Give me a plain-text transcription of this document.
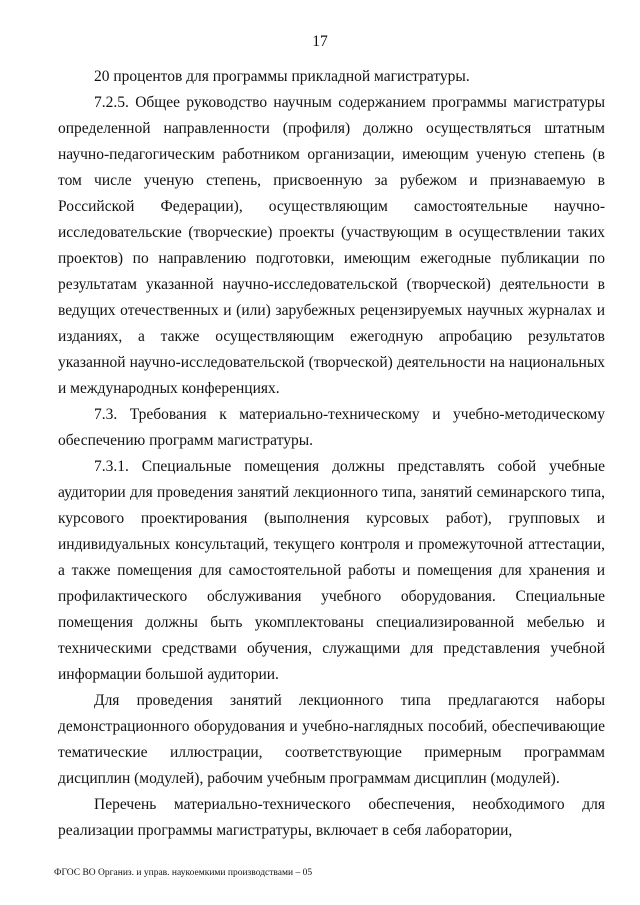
17

20 процентов для программы прикладной магистратуры.

7.2.5. Общее руководство научным содержанием программы магистратуры определенной направленности (профиля) должно осуществляться штатным научно-педагогическим работником организации, имеющим ученую степень (в том числе ученую степень, присвоенную за рубежом и признаваемую в Российской Федерации), осуществляющим самостоятельные научно-исследовательские (творческие) проекты (участвующим в осуществлении таких проектов) по направлению подготовки, имеющим ежегодные публикации по результатам указанной научно-исследовательской (творческой) деятельности в ведущих отечественных и (или) зарубежных рецензируемых научных журналах и изданиях, а также осуществляющим ежегодную апробацию результатов указанной научно-исследовательской (творческой) деятельности на национальных и международных конференциях.

7.3. Требования к материально-техническому и учебно-методическому обеспечению программ магистратуры.

7.3.1. Специальные помещения должны представлять собой учебные аудитории для проведения занятий лекционного типа, занятий семинарского типа, курсового проектирования (выполнения курсовых работ), групповых и индивидуальных консультаций, текущего контроля и промежуточной аттестации, а также помещения для самостоятельной работы и помещения для хранения и профилактического обслуживания учебного оборудования. Специальные помещения должны быть укомплектованы специализированной мебелью и техническими средствами обучения, служащими для представления учебной информации большой аудитории.

Для проведения занятий лекционного типа предлагаются наборы демонстрационного оборудования и учебно-наглядных пособий, обеспечивающие тематические иллюстрации, соответствующие примерным программам дисциплин (модулей), рабочим учебным программам дисциплин (модулей).

Перечень материально-технического обеспечения, необходимого для реализации программы магистратуры, включает в себя лаборатории,

ФГОС ВО Организ. и управ. наукоемкими производствами – 05
